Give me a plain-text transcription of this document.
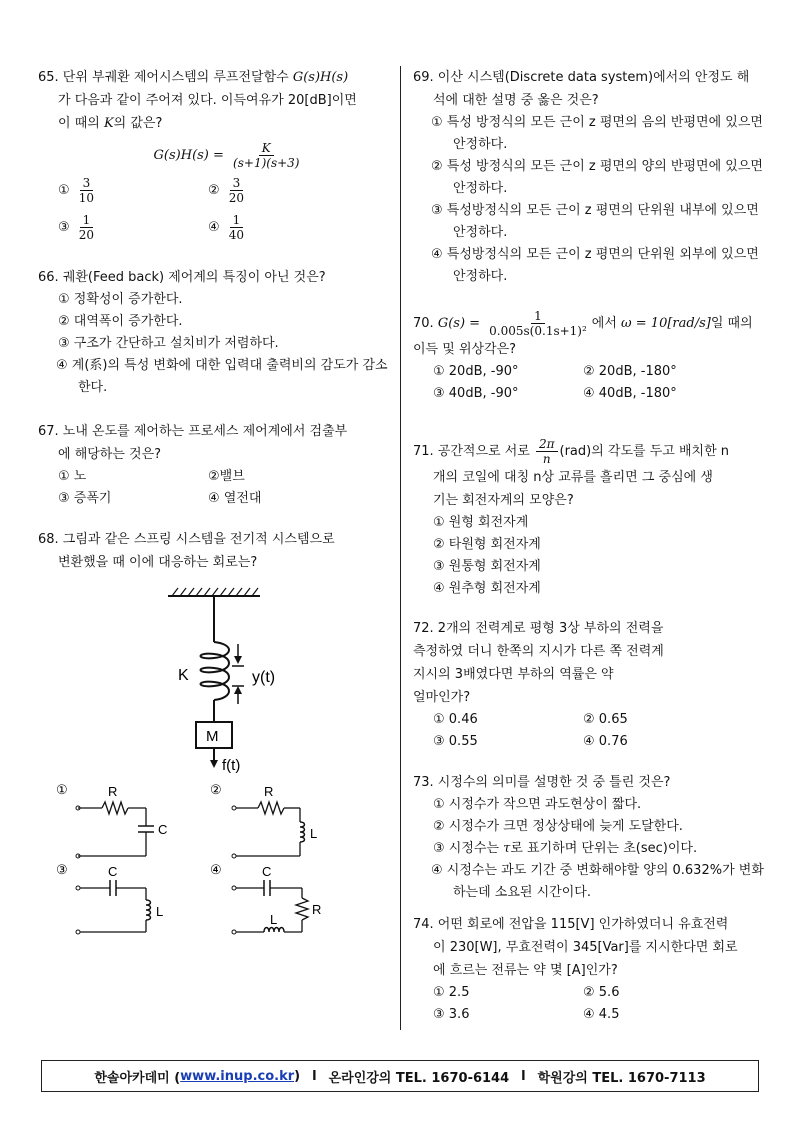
65. 단위 부궤환 제어시스템의 루프전달함수 G(s)H(s)
가 다음과 같이 주어져 있다. 이득여유가 20[dB]이면
이 때의 K의 값은?
$G(s)H(s) = \frac{K}{(s+1)(s+3)}$
① $\frac{3}{10}$	② $\frac{3}{20}$
③ $\frac{1}{20}$	④ $\frac{1}{40}$
66. 궤환(Feed back) 제어계의 특징이 아닌 것은?
① 정확성이 증가한다.
② 대역폭이 증가한다.
③ 구조가 간단하고 설치비가 저렴하다.
④ 계(系)의 특성 변화에 대한 입력대 출력비의 감도가 감소한다.
67. 노내 온도를 제어하는 프로세스 제어계에서 검출부
에 해당하는 것은?
① 노	②밸브
③ 증폭기	④ 열전대
68. 그림과 같은 스프링 시스템을 전기적 시스템으로
변환했을 때 이에 대응하는 회로는?
K	y(t)
M
f(t)
①	R
C
②	R
L
③	C
L
④	C
R
L
69. 이산 시스템(Discrete data system)에서의 안정도 해
석에 대한 설명 중 옳은 것은?
① 특성 방정식의 모든 근이 z 평면의 음의 반평면에 있으면 안정하다.
② 특성 방정식의 모든 근이 z 평면의 양의 반평면에 있으면 안정하다.
③ 특성방정식의 모든 근이 z 평면의 단위원 내부에 있으면 안정하다.
④ 특성방정식의 모든 근이 z 평면의 단위원 외부에 있으면 안정하다.
70. $G(s) = \frac{1}{\text{0.005s(0.1s+1)²}}$ 에서 ω = 10[rad/s]일 때의
이득 및 위상각은?
① 20dB, -90°	② 20dB, -180°
③ 40dB, -90°	④ 40dB, -180°
71. 공간적으로 서로 $\frac{2\pi}{n} (rad)$의 각도를 두고 배치한 n
개의 코일에 대칭 n상 교류를 흘리면 그 중심에 생
기는 회전자계의 모양은?
① 원형 회전자계
② 타원형 회전자계
③ 원통형 회전자계
④ 원추형 회전자계
72. 2개의 전력계로 평형 3상 부하의 전력을
측정하였 더니 한쪽의 지시가 다른 쪽 전력계
지시의 3배였다면 부하의 역률은 약
얼마인가?
① 0.46	② 0.65
③ 0.55	④ 0.76
73. 시정수의 의미를 설명한 것 중 틀린 것은?
① 시정수가 작으면 과도현상이 짧다.
② 시정수가 크면 정상상태에 늦게 도달한다.
③ 시정수는 τ로 표기하며 단위는 초(sec)이다.
④ 시정수는 과도 기간 중 변화해야할 양의 0.632%가 변화하는데 소요된 시간이다.
74. 어떤 회로에 전압을 115[V] 인가하였더니 유효전력
이 230[W], 무효전력이 345[Var]를 지시한다면 회로
에 흐르는 전류는 약 몇 [A]인가?
① 2.5	② 5.6
③ 3.6	④ 4.5
한솔아카데미 ( www.inup.co.kr ) l 온라인강의 TEL. 1670-6144 l 학원강의 TEL. 1670-7113
